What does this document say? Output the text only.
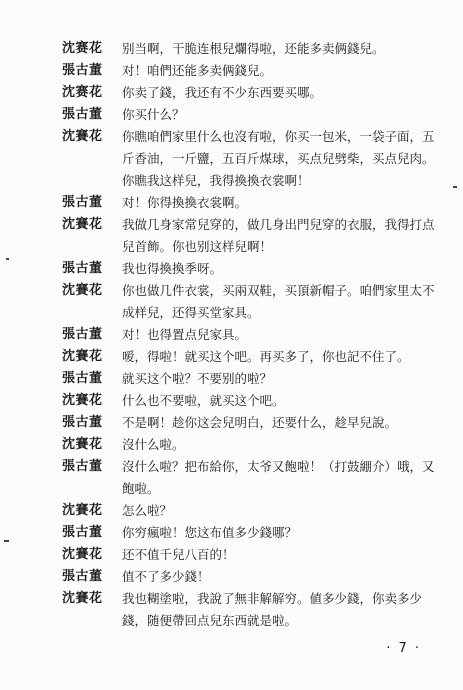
沈赛花	别当啊，干脆连根兒爛得啦，还能多卖俩錢兒。
張古董	对！咱們还能多卖俩錢兒。
沈赛花	你卖了錢，我还有不少东西要买哪。
張古董	你买什么？
沈賽花	你瞧咱們家里什么也沒有啦，你买一包米，一袋子面，五斤香油，一斤鹽，五百斤煤球，买点兒劈柴，买点兒肉。你瞧我这样兒，我得換換衣裳啊！
張古董	对！你得換換衣裳啊。
沈賽花	我做几身家常兒穿的，做几身出門兒穿的衣服，我得打点兒首飾。你也别这样兒啊！
張古董	我也得換換季呀。
沈賽花	你也做几件衣裳，买兩双鞋，买頂新帽子。咱們家里太不成样兒，还得买堂家具。
張古董	对！也得置点兒家具。
沈賽花	嗳，得啦！就买这个吧。再买多了，你也記不住了。
張古董	就买这个啦？不要别的啦？
沈賽花	什么也不要啦，就买这个吧。
張古董	不是啊！趁你这会兒明白，还要什么，趁早兒說。
沈賽花	沒什么啦。
張古董	沒什么啦？把布給你，太爷又飽啦！（打鼓綳介）哦，又飽啦。
沈賽花	怎么啦？
張古董	你穷瘋啦！您这布值多少錢哪？
沈賽花	还不值千兒八百的！
張古董	值不了多少錢！
沈賽花	我也糊塗啦，我說了無非解解穷。値多少錢，你卖多少錢，随便帶回点兒东西就是啦。
· 7 ·
